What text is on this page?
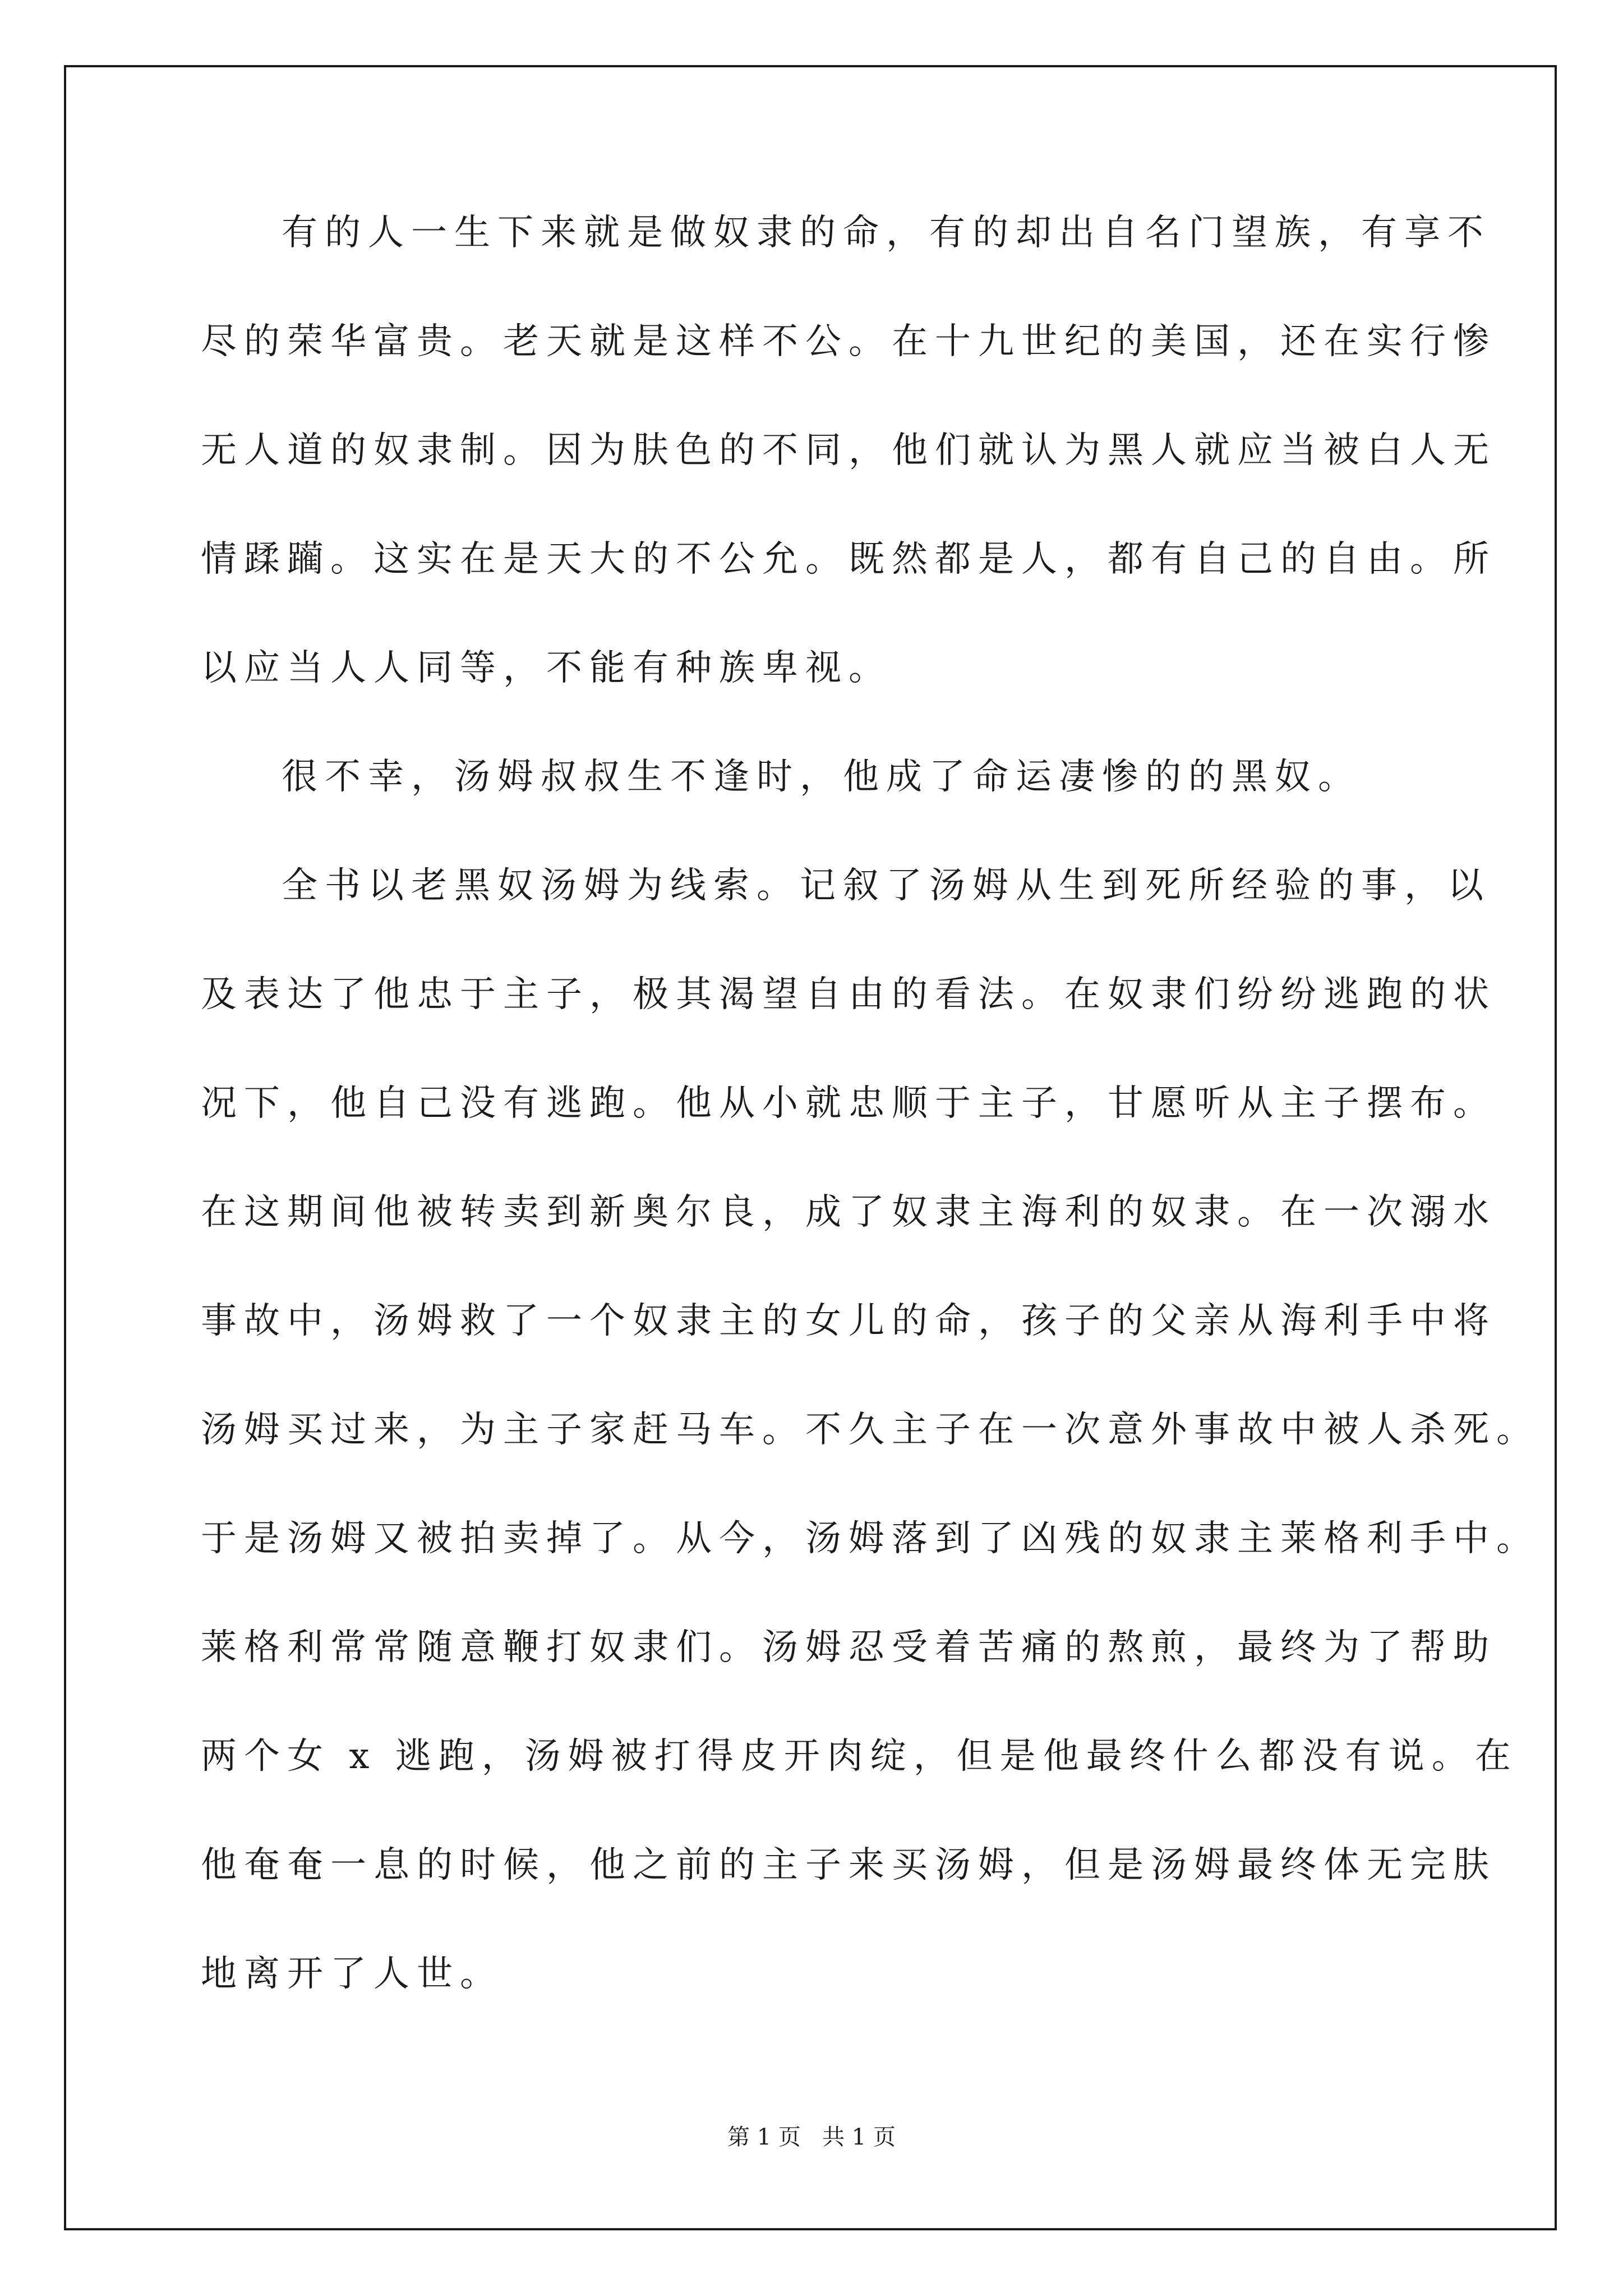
有的人一生下来就是做奴隶的命，有的却出自名门望族，有享不
尽的荣华富贵。老天就是这样不公。在十九世纪的美国，还在实行惨
无人道的奴隶制。因为肤色的不同，他们就认为黑人就应当被白人无
情蹂躏。这实在是天大的不公允。既然都是人，都有自己的自由。所
以应当人人同等，不能有种族卑视。
很不幸，汤姆叔叔生不逢时，他成了命运凄惨的的黑奴。
全书以老黑奴汤姆为线索。记叙了汤姆从生到死所经验的事，以
及表达了他忠于主子，极其渴望自由的看法。在奴隶们纷纷逃跑的状
况下，他自己没有逃跑。他从小就忠顺于主子，甘愿听从主子摆布。
在这期间他被转卖到新奥尔良，成了奴隶主海利的奴隶。在一次溺水
事故中，汤姆救了一个奴隶主的女儿的命，孩子的父亲从海利手中将
汤姆买过来，为主子家赶马车。不久主子在一次意外事故中被人杀死。
于是汤姆又被拍卖掉了。从今，汤姆落到了凶残的奴隶主莱格利手中。
莱格利常常随意鞭打奴隶们。汤姆忍受着苦痛的熬煎，最终为了帮助
两个女 x 逃跑，汤姆被打得皮开肉绽，但是他最终什么都没有说。在
他奄奄一息的时候，他之前的主子来买汤姆，但是汤姆最终体无完肤
地离开了人世。
第 1 页   共 1 页
